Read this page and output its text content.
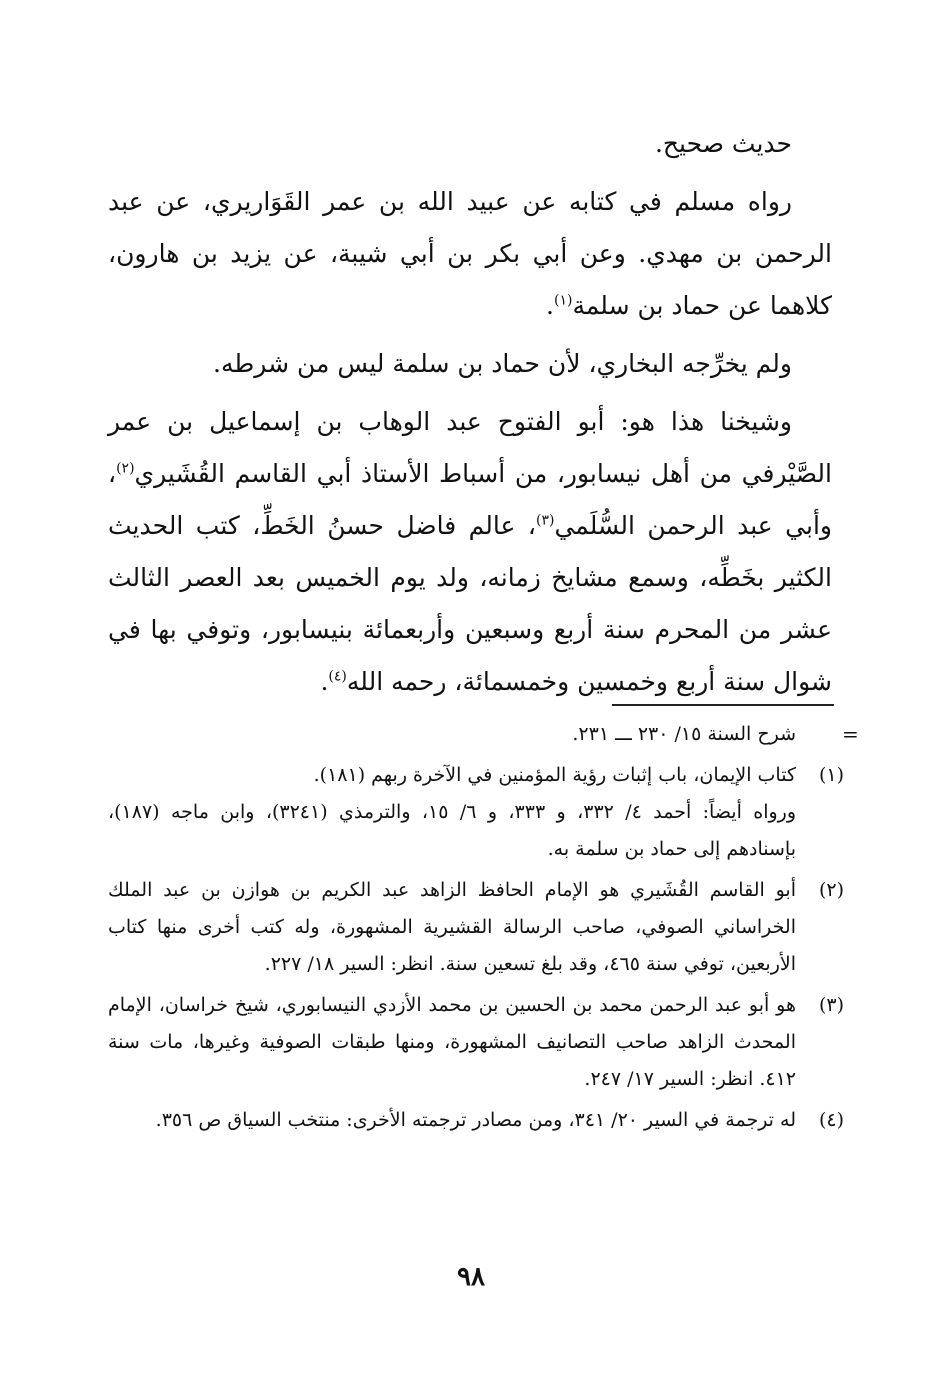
حديث صحيح.

رواه مسلم في كتابه عن عبيد الله بن عمر القَوَاريري، عن عبد الرحمن بن مهدي. وعن أبي بكر بن أبي شيبة، عن يزيد بن هارون، كلاهما عن حماد بن سلمة$^{(١)}$.

ولم يخرِّجه البخاري، لأن حماد بن سلمة ليس من شرطه.

وشيخنا هذا هو: أبو الفتوح عبد الوهاب بن إسماعيل بن عمر الصَّيْرفي من أهل نيسابور، من أسباط الأستاذ أبي القاسم القُشَيري$^{(٢)}$، وأبي عبد الرحمن السُّلَمي$^{(٣)}$، عالم فاضل حسنُ الخَطِّ، كتب الحديث الكثير بخَطِّه، وسمع مشايخ زمانه، ولد يوم الخميس بعد العصر الثالث عشر من المحرم سنة أربع وسبعين وأربعمائة بنيسابور، وتوفي بها في شوال سنة أربع وخمسين وخمسمائة، رحمه الله$^{(٤)}$.

=

شرح السنة ١٥/ ٢٣٠ ـــ ٢٣١.

(١)

كتاب الإيمان، باب إثبات رؤية المؤمنين في الآخرة ربهم (١٨١).

ورواه أيضاً: أحمد ٤/ ٣٣٢، و ٣٣٣، و ٦/ ١٥، والترمذي (٣٢٤١)، وابن ماجه (١٨٧)، بإسنادهم إلى حماد بن سلمة به.

(٢)

أبو القاسم القُشَيري هو الإمام الحافظ الزاهد عبد الكريم بن هوازن بن عبد الملك الخراساني الصوفي، صاحب الرسالة القشيرية المشهورة، وله كتب أخرى منها كتاب الأربعين، توفي سنة ٤٦٥، وقد بلغ تسعين سنة. انظر: السير ١٨/ ٢٢٧.

(٣)

هو أبو عبد الرحمن محمد بن الحسين بن محمد الأزدي النيسابوري، شيخ خراسان، الإمام المحدث الزاهد صاحب التصانيف المشهورة، ومنها طبقات الصوفية وغيرها، مات سنة ٤١٢. انظر: السير ١٧/ ٢٤٧.

(٤)

له ترجمة في السير ٢٠/ ٣٤١، ومن مصادر ترجمته الأخرى: منتخب السياق ص ٣٥٦.

٩٨
